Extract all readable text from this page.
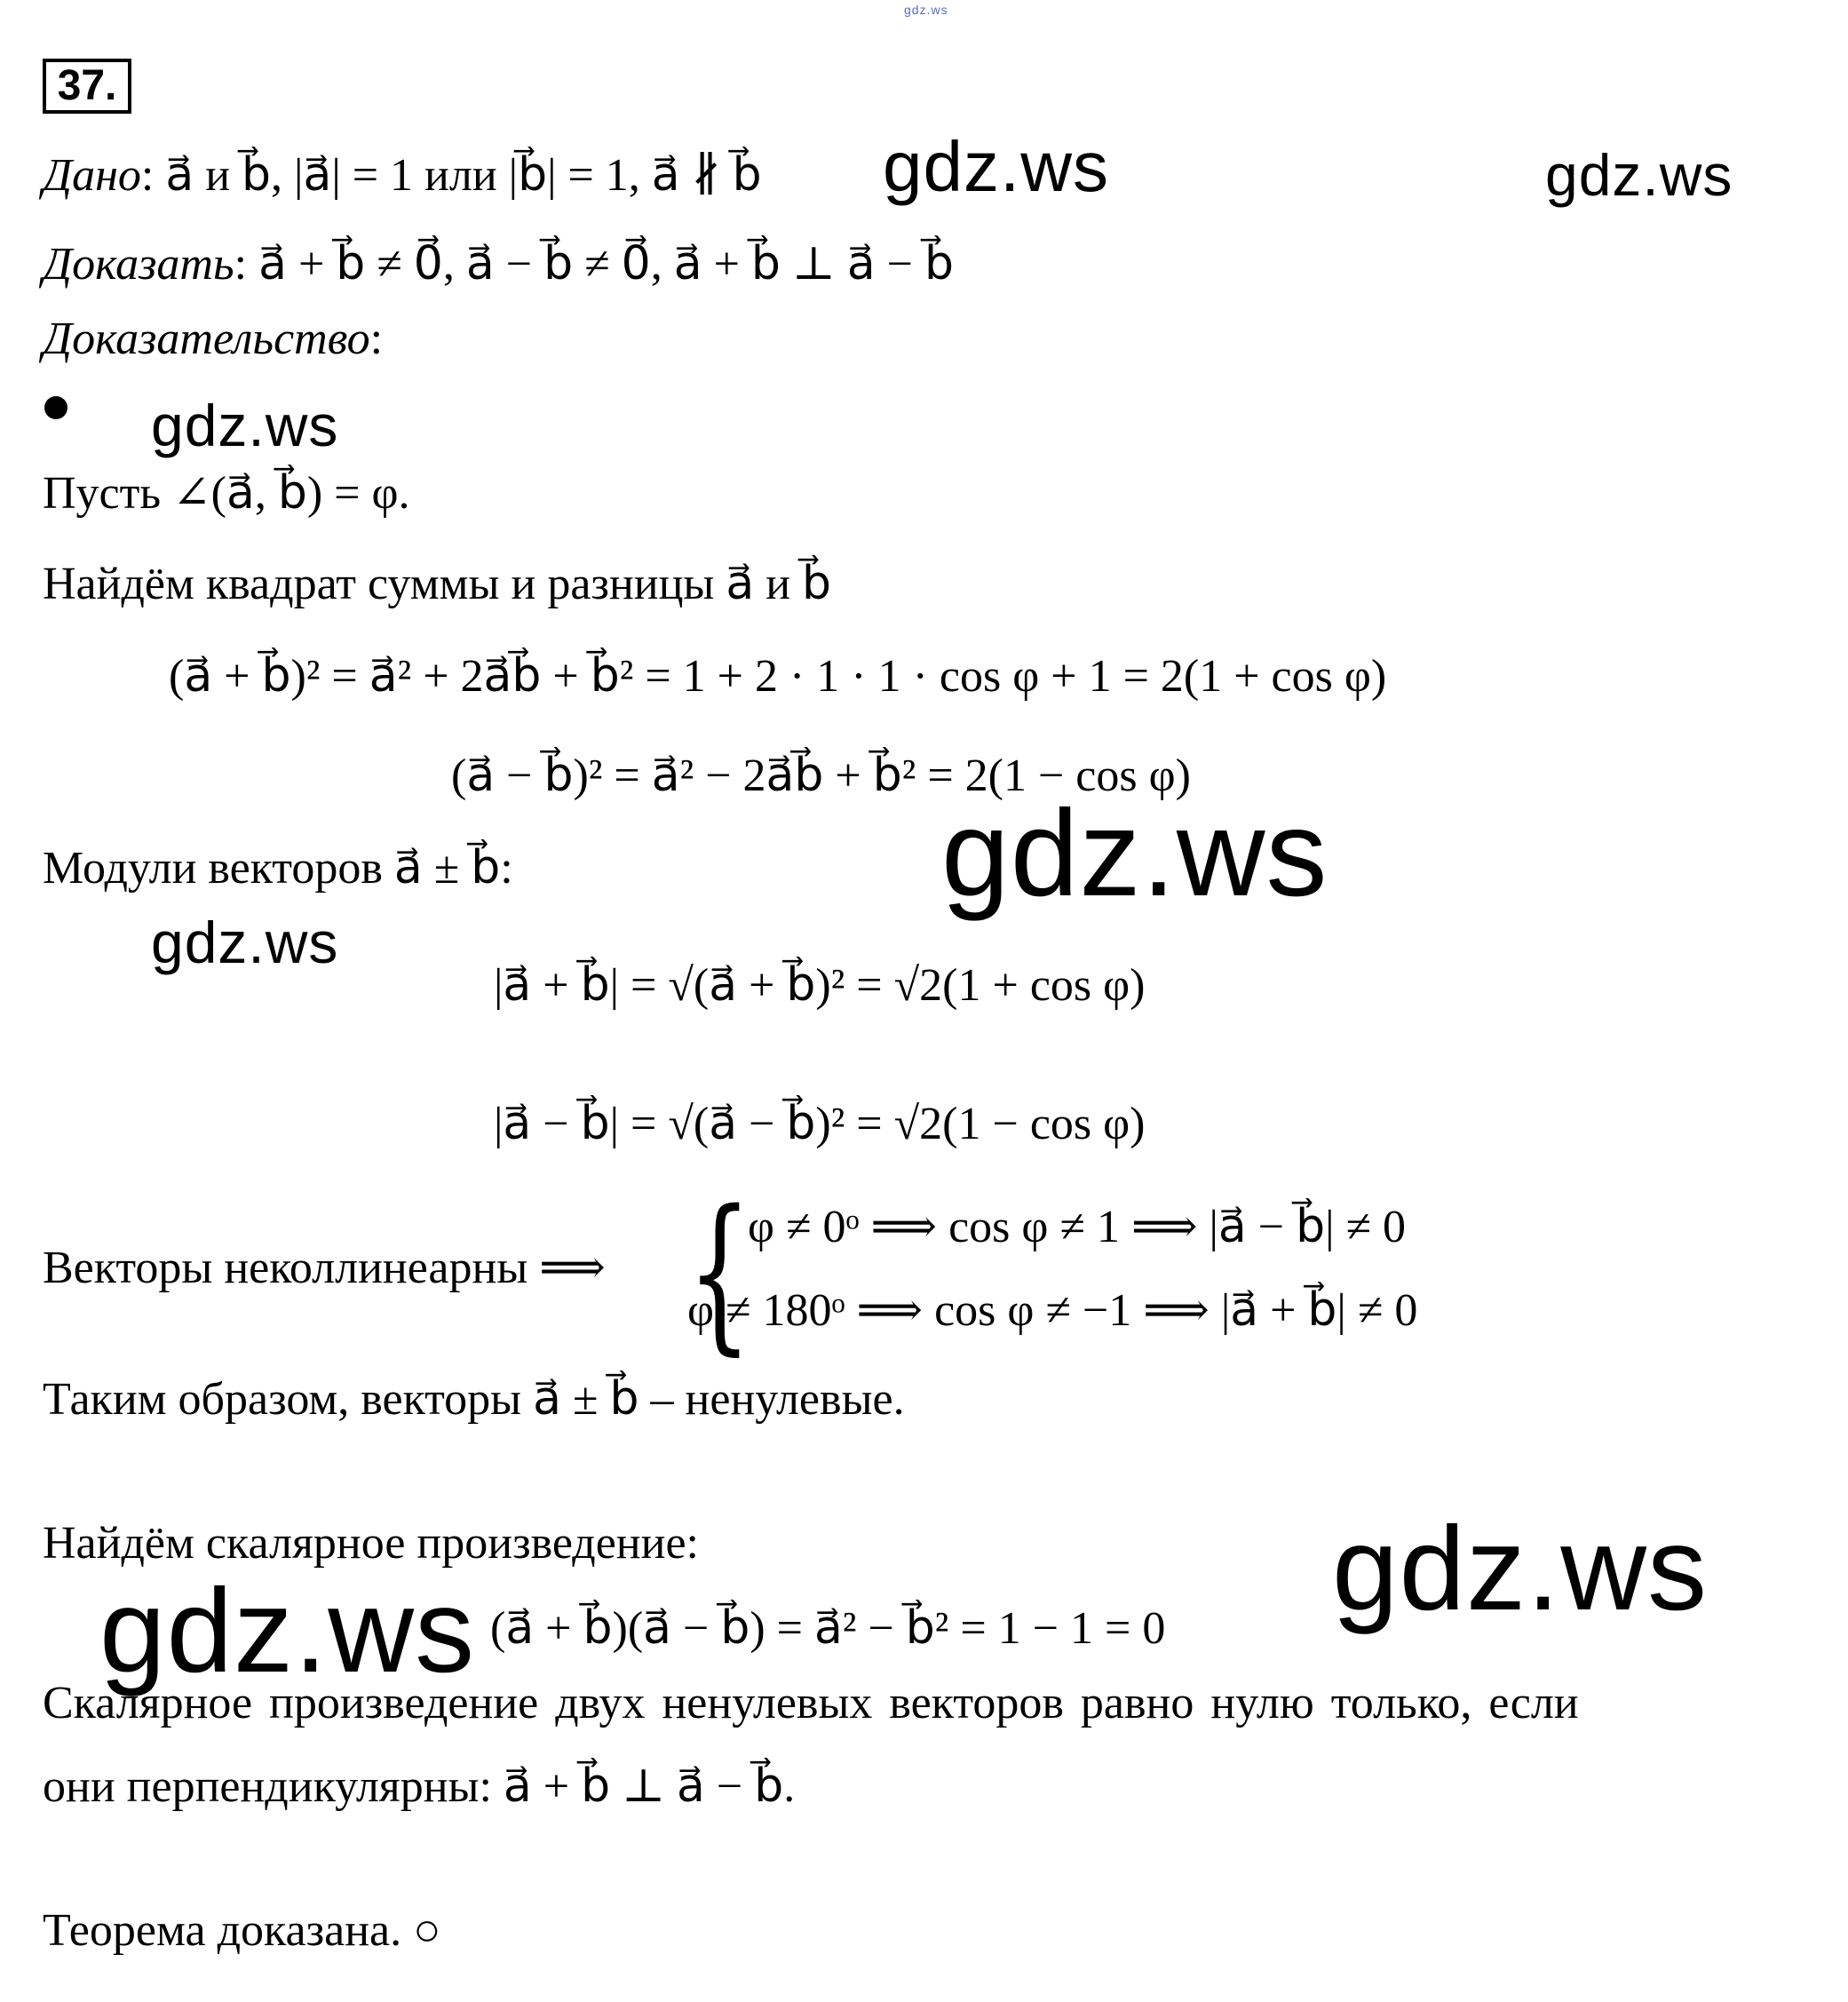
gdz.ws
37.
Дано: a⃗ и b⃗, |a⃗| = 1 или |b⃗| = 1, a⃗ ∦ b⃗
Доказать: a⃗ + b⃗ ≠ 0⃗, a⃗ − b⃗ ≠ 0⃗, a⃗ + b⃗ ⊥ a⃗ − b⃗
Доказательство:
Пусть ∠(a⃗, b⃗) = φ.
Найдём квадрат суммы и разницы a⃗ и b⃗
(a⃗ + b⃗)² = a⃗² + 2a⃗b⃗ + b⃗² = 1 + 2 · 1 · 1 · cos φ + 1 = 2(1 + cos φ)
(a⃗ − b⃗)² = a⃗² − 2a⃗b⃗ + b⃗² = 2(1 − cos φ)
Модули векторов a⃗ ± b⃗:
|a⃗ + b⃗| = √(a⃗ + b⃗)² = √2(1 + cos φ)
|a⃗ − b⃗| = √(a⃗ − b⃗)² = √2(1 − cos φ)
Векторы неколлинеарны ⟹ {
φ ≠ 0ᵒ ⟹ cos φ ≠ 1 ⟹ |a⃗ − b⃗| ≠ 0
φ ≠ 180ᵒ ⟹ cos φ ≠ −1 ⟹ |a⃗ + b⃗| ≠ 0
Таким образом, векторы a⃗ ± b⃗ – ненулевые.
Найдём скалярное произведение:
(a⃗ + b⃗)(a⃗ − b⃗) = a⃗² − b⃗² = 1 − 1 = 0
Скалярное произведение двух ненулевых векторов равно нулю только, если
они перпендикулярны: a⃗ + b⃗ ⊥ a⃗ − b⃗.
Теорема доказана. ○
gdz.ws	gdz.ws
gdz.ws
gdz.ws
gdz.ws
gdz.ws
gdz.ws
